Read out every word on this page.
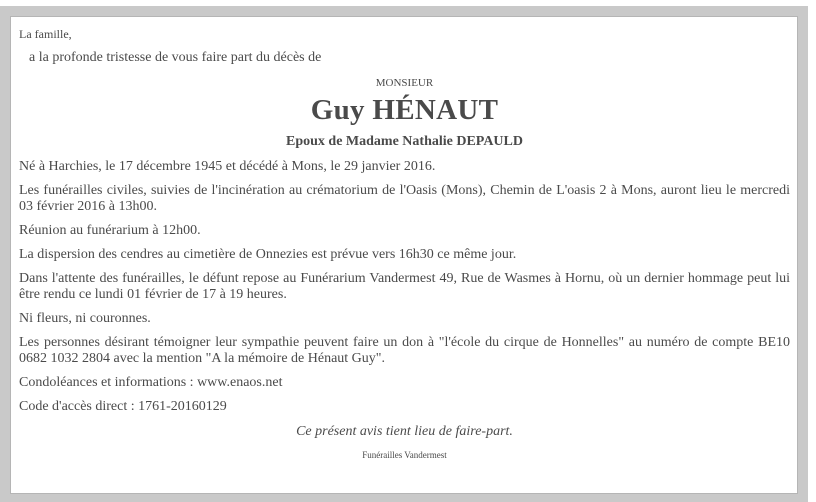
La famille,
a la profonde tristesse de vous faire part du décès de
MONSIEUR
Guy HÉNAUT
Epoux de Madame Nathalie DEPAULD

Né à Harchies, le 17 décembre 1945 et décédé à Mons, le 29 janvier 2016.

Les funérailles civiles, suivies de l'incinération au crématorium de l'Oasis (Mons), Chemin de L'oasis 2 à Mons, auront lieu le mercredi 03 février 2016 à 13h00.

Réunion au funérarium à 12h00.

La dispersion des cendres au cimetière de Onnezies est prévue vers 16h30 ce même jour.

Dans l'attente des funérailles, le défunt repose au Funérarium Vandermest 49, Rue de Wasmes à Hornu, où un dernier hommage peut lui être rendu ce lundi 01 février de 17 à 19 heures.

Ni fleurs, ni couronnes.

Les personnes désirant témoigner leur sympathie peuvent faire un don à "l'école du cirque de Honnelles" au numéro de compte BE10 0682 1032 2804 avec la mention "A la mémoire de Hénaut Guy".

Condoléances et informations : www.enaos.net

Code d'accès direct : 1761-20160129

Ce présent avis tient lieu de faire-part.
Funérailles Vandermest
